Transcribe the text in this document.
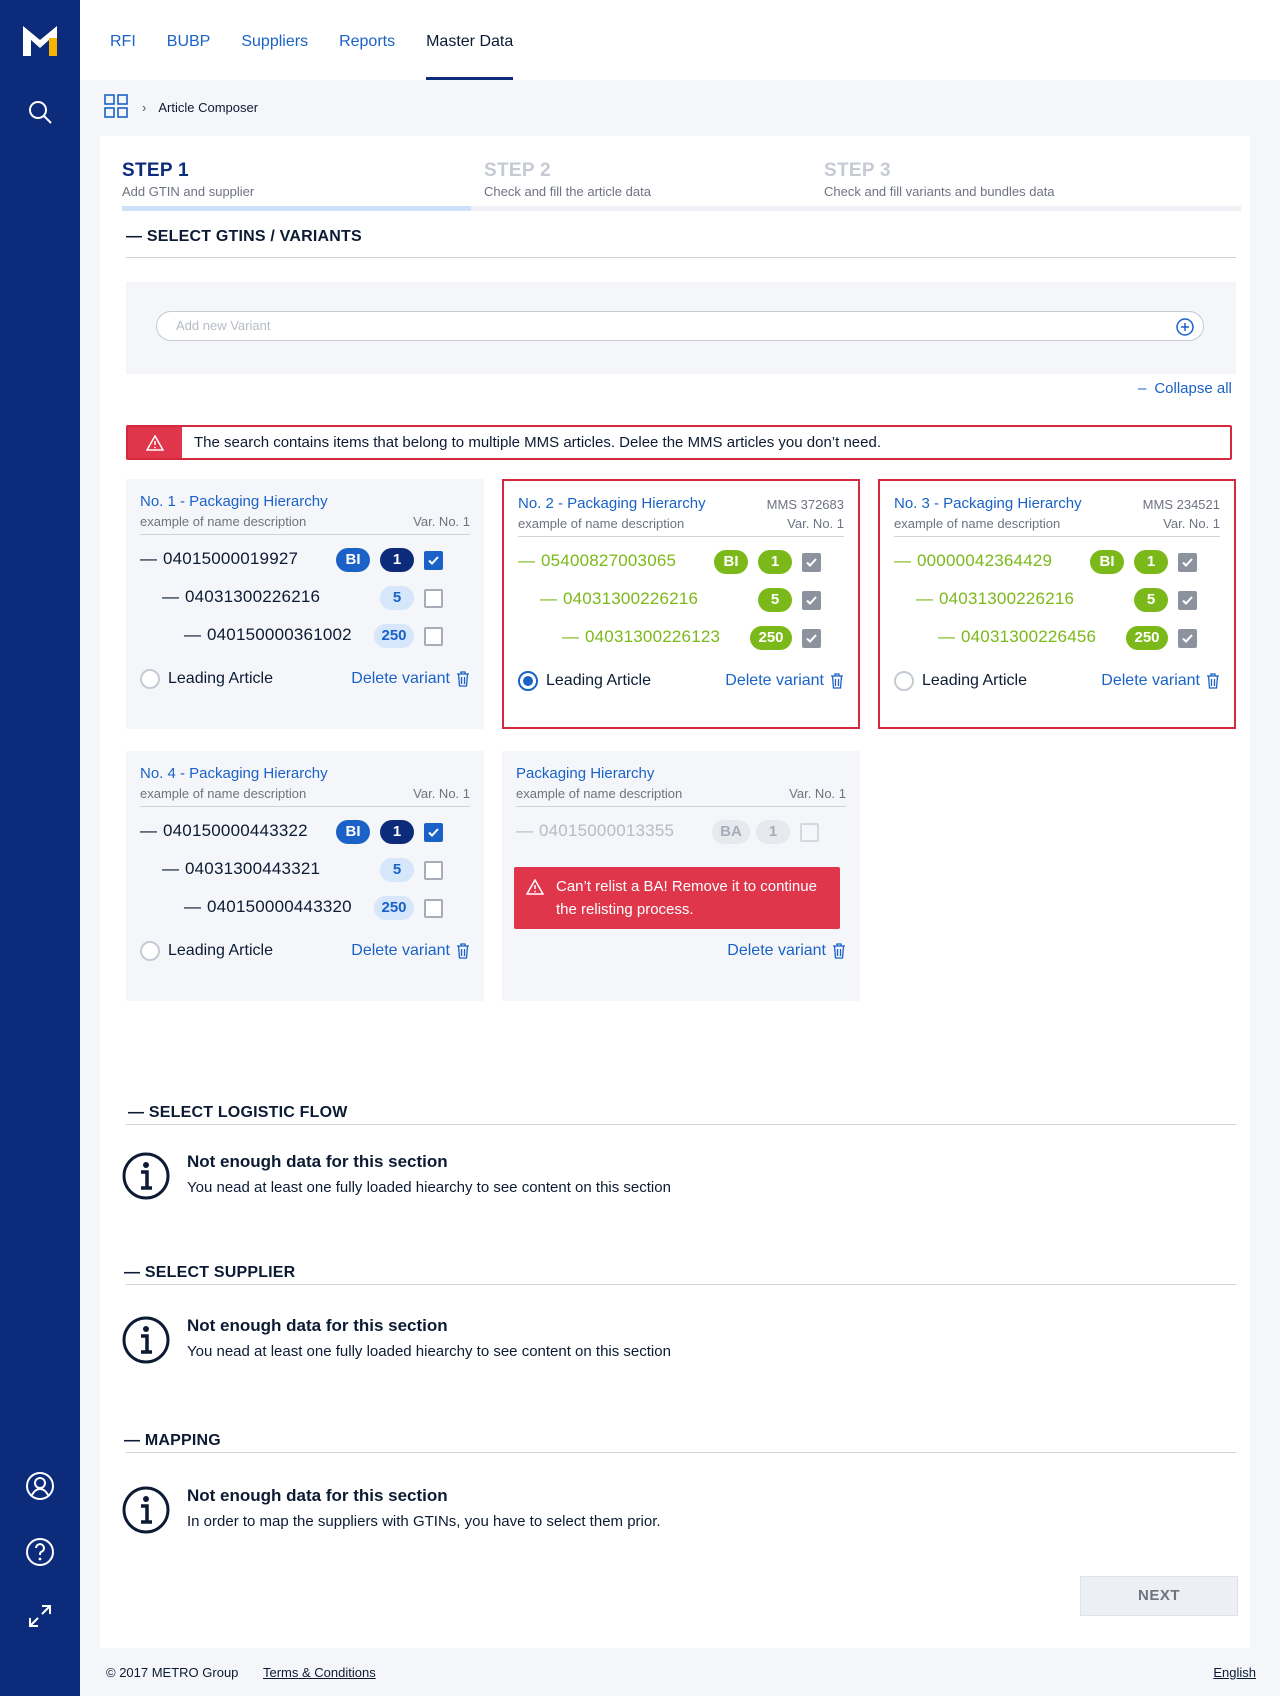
RFI BUBP Suppliers Reports Master Data
› Article Composer
STEP 1
Add GTIN and supplier
STEP 2
Check and fill the article data
STEP 3
Check and fill variants and bundles data
— SELECT GTINS / VARIANTS
Add new Variant
– Collapse all
The search contains items that belong to multiple MMS articles. Delee the MMS articles you don’t need.
No. 1 - Packaging Hierarchy
example of name description	Var. No. 1
— 04015000019927	BI	1
— 04031300226216	5
— 040150000361002	250
Leading Article	Delete variant
No. 2 - Packaging Hierarchy	MMS 372683
example of name description	Var. No. 1
— 05400827003065	BI	1
— 04031300226216	5
— 04031300226123	250
Leading Article	Delete variant
No. 3 - Packaging Hierarchy	MMS 234521
example of name description	Var. No. 1
— 00000042364429	BI	1
— 04031300226216	5
— 04031300226456	250
Leading Article	Delete variant
No. 4 - Packaging Hierarchy
example of name description	Var. No. 1
— 040150000443322	BI	1
— 04031300443321	5
— 040150000443320	250
Leading Article	Delete variant
Packaging Hierarchy
example of name description	Var. No. 1
— 04015000013355	BA	1
Can’t relist a BA! Remove it to continue the relisting process.
Delete variant
— SELECT LOGISTIC FLOW
Not enough data for this section
You nead at least one fully loaded hiearchy to see content on this section
— SELECT SUPPLIER
Not enough data for this section
You nead at least one fully loaded hiearchy to see content on this section
— MAPPING
Not enough data for this section
In order to map the suppliers with GTINs, you have to select them prior.
NEXT
© 2017 METRO Group Terms & Conditions	English
